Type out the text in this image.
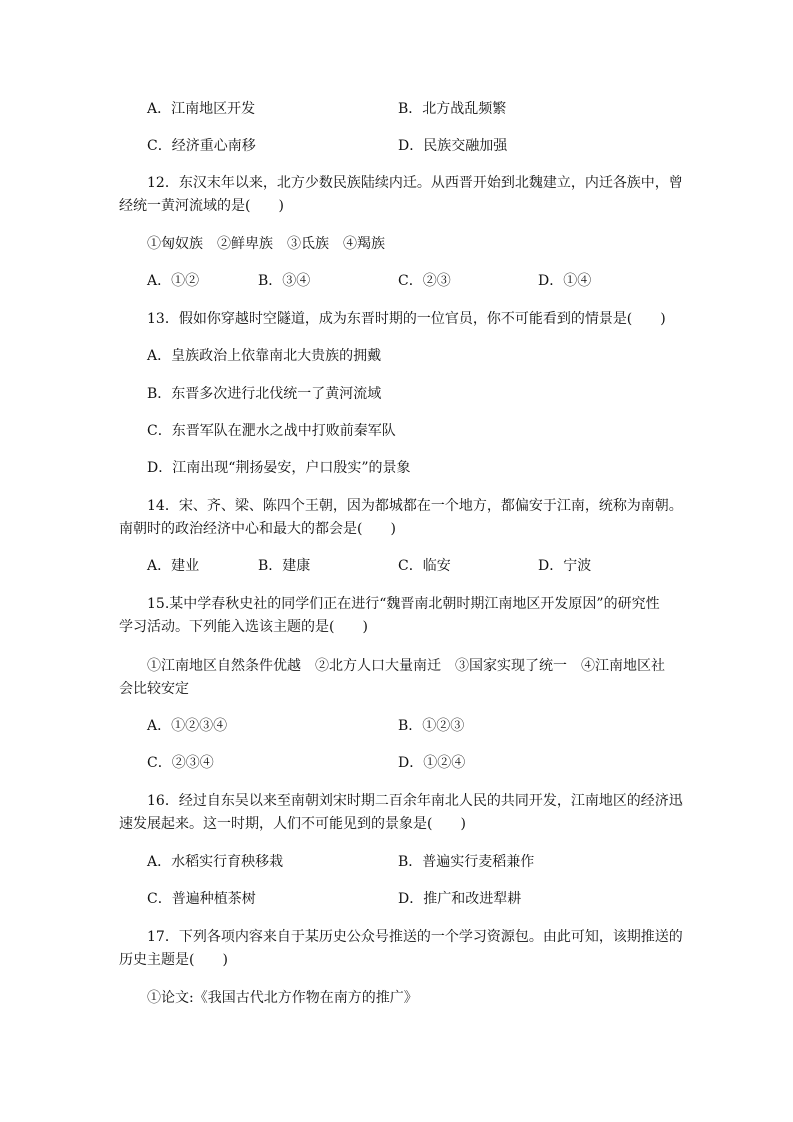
A．江南地区开发	B．北方战乱频繁
C．经济重心南移	D．民族交融加强
12．东汉末年以来，北方少数民族陆续内迁。从西晋开始到北魏建立，内迁各族中，曾
经统一黄河流域的是(　　)
①匈奴族　②鲜卑族　③氐族　④羯族
A．①②	B．③④	C．②③	D．①④
13．假如你穿越时空隧道，成为东晋时期的一位官员，你不可能看到的情景是(　　)
A．皇族政治上依靠南北大贵族的拥戴
B．东晋多次进行北伐统一了黄河流域
C．东晋军队在淝水之战中打败前秦军队
D．江南出现“荆扬晏安，户口殷实”的景象
14．宋、齐、梁、陈四个王朝，因为都城都在一个地方，都偏安于江南，统称为南朝。
南朝时的政治经济中心和最大的都会是(　　)
A．建业	B．建康	C．临安	D．宁波
15.某中学春秋史社的同学们正在进行“魏晋南北朝时期江南地区开发原因”的研究性
学习活动。下列能入选该主题的是(　　)
①江南地区自然条件优越　②北方人口大量南迁　③国家实现了统一　④江南地区社
会比较安定
A．①②③④	B．①②③
C．②③④	D．①②④
16．经过自东吴以来至南朝刘宋时期二百余年南北人民的共同开发，江南地区的经济迅
速发展起来。这一时期，人们不可能见到的景象是(　　)
A．水稻实行育秧移栽	B．普遍实行麦稻兼作
C．普遍种植茶树	D．推广和改进犁耕
17．下列各项内容来自于某历史公众号推送的一个学习资源包。由此可知，该期推送的
历史主题是(　　)
①论文:《我国古代北方作物在南方的推广》
